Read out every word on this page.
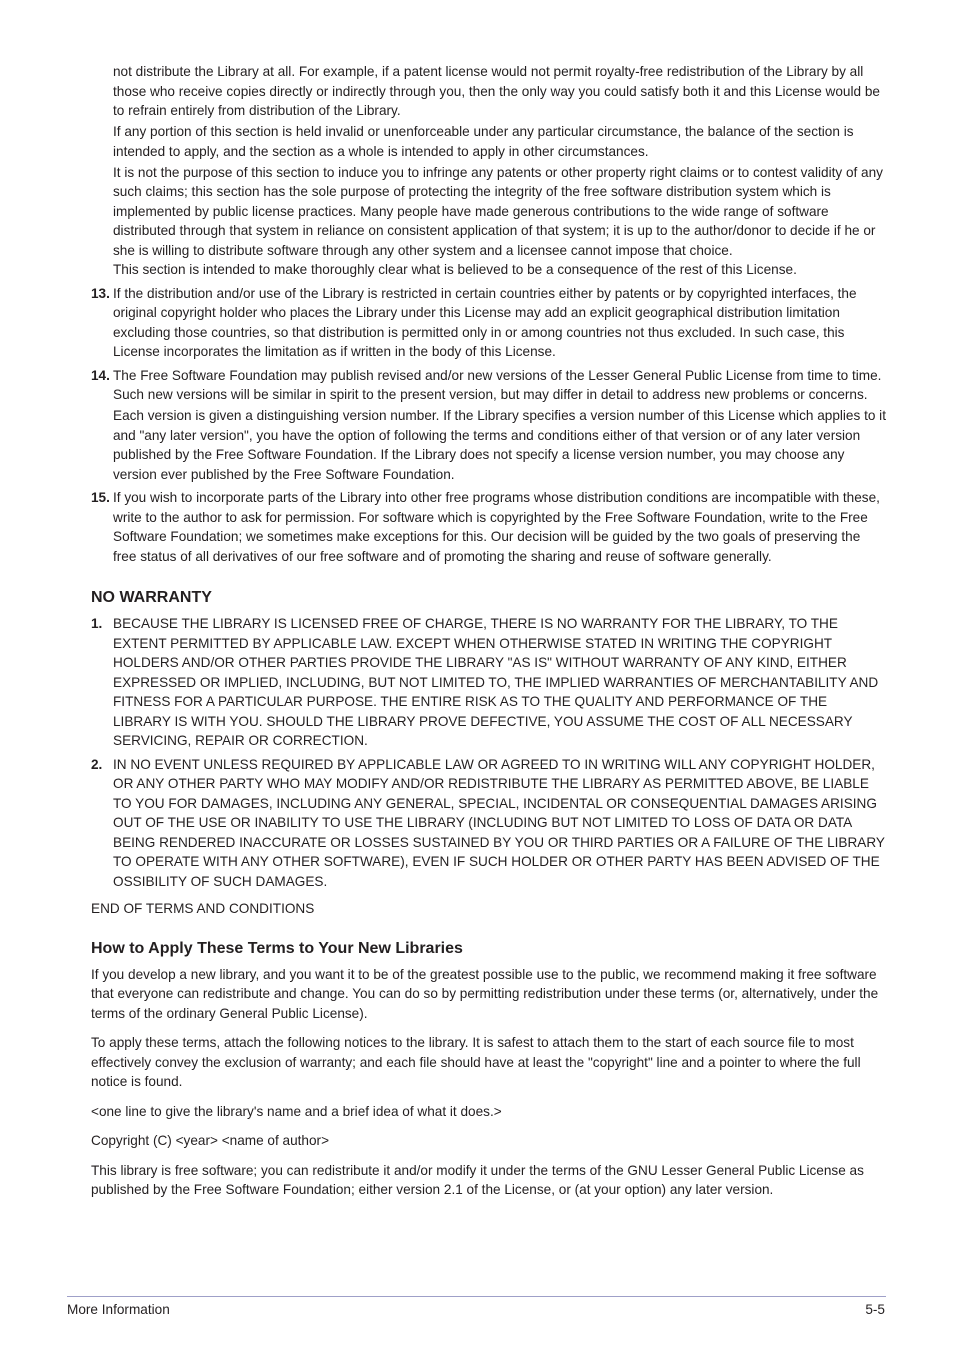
not distribute the Library at all. For example, if a patent license would not permit royalty-free redistribution of the Library by all those who receive copies directly or indirectly through you, then the only way you could satisfy both it and this License would be to refrain entirely from distribution of the Library.

If any portion of this section is held invalid or unenforceable under any particular circumstance, the balance of the section is intended to apply, and the section as a whole is intended to apply in other circumstances.

It is not the purpose of this section to induce you to infringe any patents or other property right claims or to contest validity of any such claims; this section has the sole purpose of protecting the integrity of the free software distribution system which is implemented by public license practices. Many people have made generous contributions to the wide range of software distributed through that system in reliance on consistent application of that system; it is up to the author/donor to decide if he or she is willing to distribute software through any other system and a licensee cannot impose that choice.

This section is intended to make thoroughly clear what is believed to be a consequence of the rest of this License.

13. If the distribution and/or use of the Library is restricted in certain countries either by patents or by copyrighted interfaces, the original copyright holder who places the Library under this License may add an explicit geographical distribution limitation excluding those countries, so that distribution is permitted only in or among countries not thus excluded. In such case, this License incorporates the limitation as if written in the body of this License.

14. The Free Software Foundation may publish revised and/or new versions of the Lesser General Public License from time to time. Such new versions will be similar in spirit to the present version, but may differ in detail to address new problems or concerns.

Each version is given a distinguishing version number. If the Library specifies a version number of this License which applies to it and "any later version", you have the option of following the terms and conditions either of that version or of any later version published by the Free Software Foundation. If the Library does not specify a license version number, you may choose any version ever published by the Free Software Foundation.

15. If you wish to incorporate parts of the Library into other free programs whose distribution conditions are incompatible with these, write to the author to ask for permission. For software which is copyrighted by the Free Software Foundation, write to the Free Software Foundation; we sometimes make exceptions for this. Our decision will be guided by the two goals of preserving the free status of all derivatives of our free software and of promoting the sharing and reuse of software generally.

NO WARRANTY
1. BECAUSE THE LIBRARY IS LICENSED FREE OF CHARGE, THERE IS NO WARRANTY FOR THE LIBRARY, TO THE EXTENT PERMITTED BY APPLICABLE LAW. EXCEPT WHEN OTHERWISE STATED IN WRITING THE COPYRIGHT HOLDERS AND/OR OTHER PARTIES PROVIDE THE LIBRARY "AS IS" WITHOUT WARRANTY OF ANY KIND, EITHER EXPRESSED OR IMPLIED, INCLUDING, BUT NOT LIMITED TO, THE IMPLIED WARRANTIES OF MERCHANTABILITY AND FITNESS FOR A PARTICULAR PURPOSE. THE ENTIRE RISK AS TO THE QUALITY AND PERFORMANCE OF THE LIBRARY IS WITH YOU. SHOULD THE LIBRARY PROVE DEFECTIVE, YOU ASSUME THE COST OF ALL NECESSARY SERVICING, REPAIR OR CORRECTION.

2. IN NO EVENT UNLESS REQUIRED BY APPLICABLE LAW OR AGREED TO IN WRITING WILL ANY COPYRIGHT HOLDER, OR ANY OTHER PARTY WHO MAY MODIFY AND/OR REDISTRIBUTE THE LIBRARY AS PERMITTED ABOVE, BE LIABLE TO YOU FOR DAMAGES, INCLUDING ANY GENERAL, SPECIAL, INCIDENTAL OR CONSEQUENTIAL DAMAGES ARISING OUT OF THE USE OR INABILITY TO USE THE LIBRARY (INCLUDING BUT NOT LIMITED TO LOSS OF DATA OR DATA BEING RENDERED INACCURATE OR LOSSES SUSTAINED BY YOU OR THIRD PARTIES OR A FAILURE OF THE LIBRARY TO OPERATE WITH ANY OTHER SOFTWARE), EVEN IF SUCH HOLDER OR OTHER PARTY HAS BEEN ADVISED OF THE OSSIBILITY OF SUCH DAMAGES.

END OF TERMS AND CONDITIONS

How to Apply These Terms to Your New Libraries

If you develop a new library, and you want it to be of the greatest possible use to the public, we recommend making it free software that everyone can redistribute and change. You can do so by permitting redistribution under these terms (or, alternatively, under the terms of the ordinary General Public License).

To apply these terms, attach the following notices to the library. It is safest to attach them to the start of each source file to most effectively convey the exclusion of warranty; and each file should have at least the "copyright" line and a pointer to where the full notice is found.

<one line to give the library's name and a brief idea of what it does.>

Copyright (C) <year> <name of author>

This library is free software; you can redistribute it and/or modify it under the terms of the GNU Lesser General Public License as published by the Free Software Foundation; either version 2.1 of the License, or (at your option) any later version.

More Information	5-5
